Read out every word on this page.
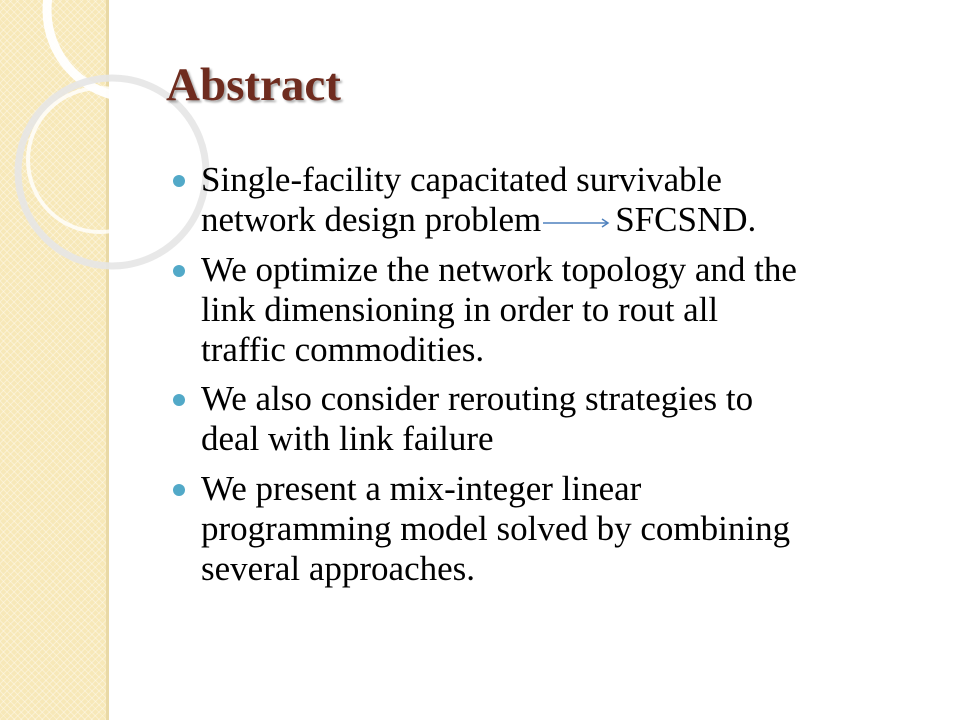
Abstract
Single-facility capacitated survivable
network design problem SFCSND.
We optimize the network topology and the
link dimensioning in order to rout all
traffic commodities.
We also consider rerouting strategies to
deal with link failure
We present a mix-integer linear
programming model solved by combining
several approaches.
